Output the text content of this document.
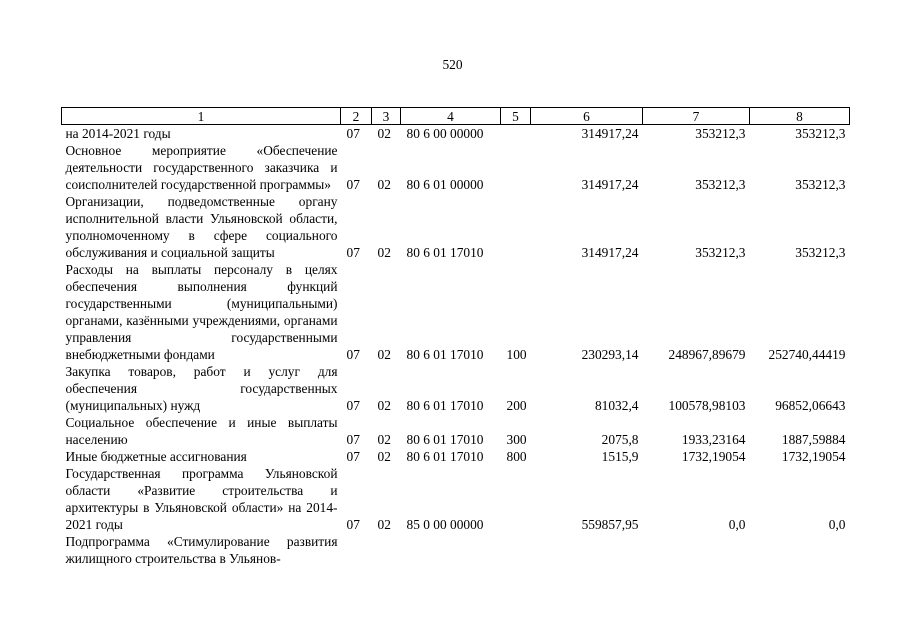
520
1	2	3	4	5	6	7	8
на 2014-2021 годы	07	02	80 6 00 00000		314917,24	353212,3	353212,3
Основное мероприятие «Обеспечение деятельности государственного заказчика и соисполнителей государственной программы»	07	02	80 6 01 00000		314917,24	353212,3	353212,3
Организации, подведомственные органу исполнительной власти Ульяновской области, уполномоченному в сфере социального обслуживания и социальной защиты	07	02	80 6 01 17010		314917,24	353212,3	353212,3
Расходы на выплаты персоналу в целях обеспечения выполнения функций государственными (муниципальными) органами, казёнными учреждениями, органами управления государственными внебюджетными фондами	07	02	80 6 01 17010	100	230293,14	248967,89679	252740,44419
Закупка товаров, работ и услуг для обеспечения государственных (муниципальных) нужд	07	02	80 6 01 17010	200	81032,4	100578,98103	96852,06643
Социальное обеспечение и иные выплаты населению	07	02	80 6 01 17010	300	2075,8	1933,23164	1887,59884
Иные бюджетные ассигнования	07	02	80 6 01 17010	800	1515,9	1732,19054	1732,19054
Государственная программа Ульяновской области «Развитие строительства и архитектуры в Ульяновской области» на 2014-2021 годы	07	02	85 0 00 00000		559857,95	0,0	0,0
Подпрограмма «Стимулирование развития жилищного строительства в Ульянов-							
